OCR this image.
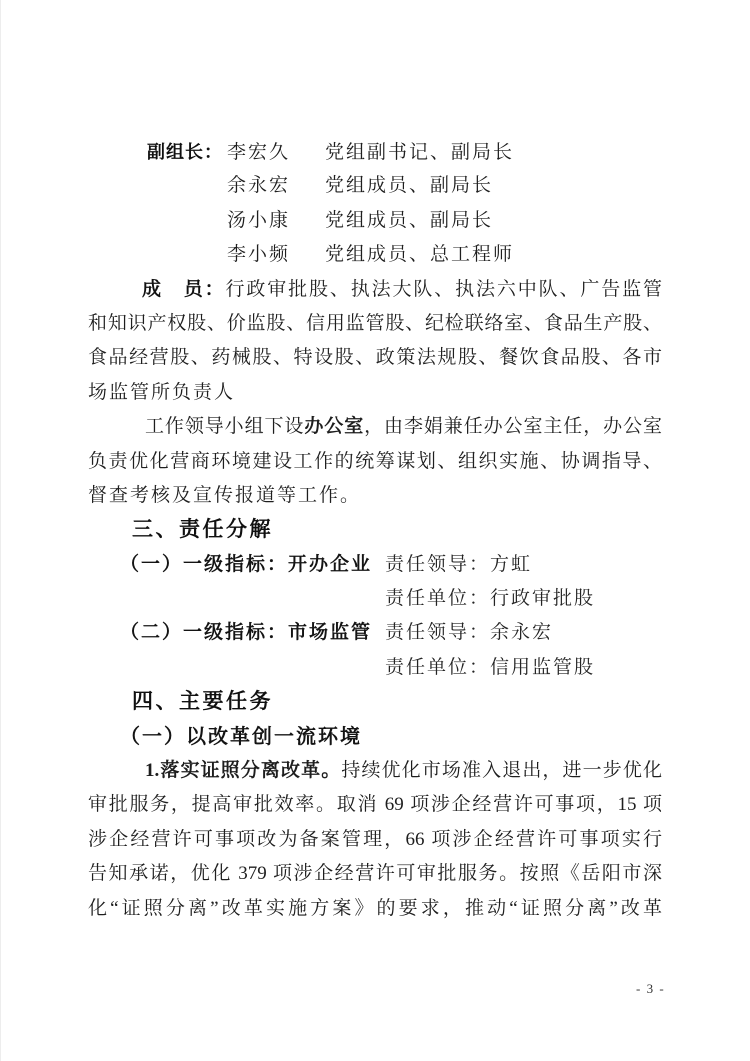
副组长： 李宏久 党组副书记、副局长
余永宏 党组成员、副局长
汤小康 党组成员、副局长
李小频 党组成员、总工程师
成　员：行政审批股、执法大队、执法六中队、广告监管
和知识产权股、价监股、信用监管股、纪检联络室、食品生产股、
食品经营股、药械股、特设股、政策法规股、餐饮食品股、各市
场监管所负责人
工作领导小组下设办公室，由李娟兼任办公室主任，办公室
负责优化营商环境建设工作的统筹谋划、组织实施、协调指导、
督查考核及宣传报道等工作。
三、责任分解
（一）一级指标：开办企业 责任领导：方虹
责任单位：行政审批股
（二）一级指标：市场监管 责任领导：余永宏
责任单位：信用监管股
四、主要任务
（一）以改革创一流环境
1.落实证照分离改革。持续优化市场准入退出，进一步优化
审批服务，提高审批效率。取消 69 项涉企经营许可事项，15 项
涉企经营许可事项改为备案管理，66 项涉企经营许可事项实行
告知承诺，优化 379 项涉企经营许可审批服务。按照《岳阳市深
化“证照分离”改革实施方案》的要求，推动“证照分离”改革
- 3 -
